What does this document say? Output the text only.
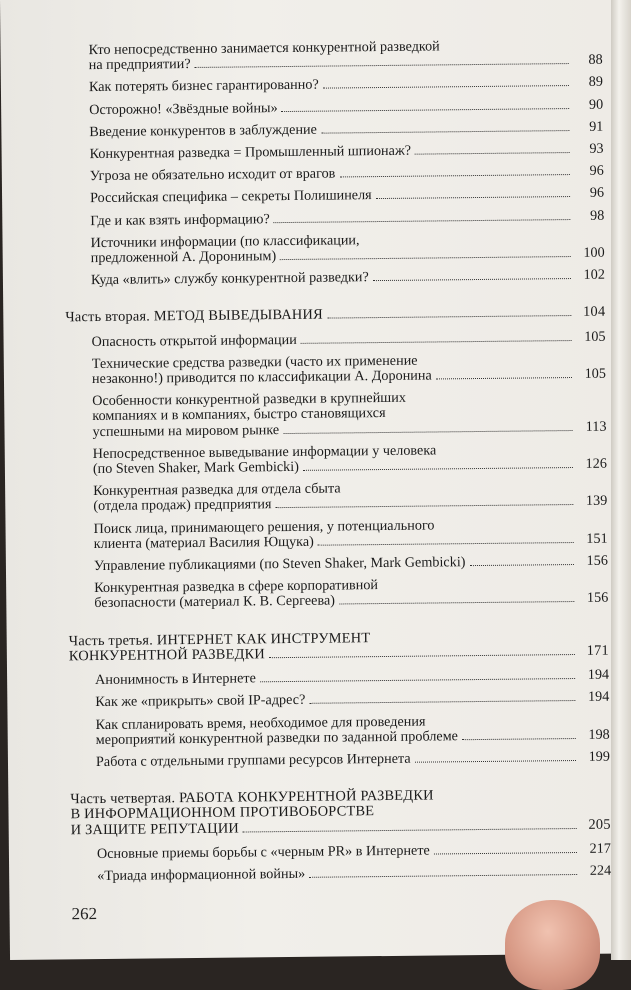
Кто непосредственно занимается конкурентной разведкой
на предприятии?	88
Как потерять бизнес гарантированно?	89
Осторожно! «Звёздные войны»	90
Введение конкурентов в заблуждение	91
Конкурентная разведка = Промышленный шпионаж?	93
Угроза не обязательно исходит от врагов	96
Российская специфика – секреты Полишинеля	96
Где и как взять информацию?	98
Источники информации (по классификации,
предложенной А. Дорониным)	100
Куда «влить» службу конкурентной разведки?	102
Часть вторая. МЕТОД ВЫВЕДЫВАНИЯ	104
Опасность открытой информации	105
Технические средства разведки (часто их применение
незаконно!) приводится по классификации А. Доронина	105
Особенности конкурентной разведки в крупнейших
компаниях и в компаниях, быстро становящихся
успешными на мировом рынке	113
Непосредственное выведывание информации у человека
(по Steven Shaker, Mark Gembicki)	126
Конкурентная разведка для отдела сбыта
(отдела продаж) предприятия	139
Поиск лица, принимающего решения, у потенциального
клиента (материал Василия Ющука)	151
Управление публикациями (по Steven Shaker, Mark Gembicki)	156
Конкурентная разведка в сфере корпоративной
безопасности (материал К. В. Сергеева)	156
Часть третья. ИНТЕРНЕТ КАК ИНСТРУМЕНТ
КОНКУРЕНТНОЙ РАЗВЕДКИ	171
Анонимность в Интернете	194
Как же «прикрыть» свой IP-адрес?	194
Как спланировать время, необходимое для проведения
мероприятий конкурентной разведки по заданной проблеме	198
Работа с отдельными группами ресурсов Интернета	199
Часть четвертая. РАБОТА КОНКУРЕНТНОЙ РАЗВЕДКИ
В ИНФОРМАЦИОННОМ ПРОТИВОБОРСТВЕ
И ЗАЩИТЕ РЕПУТАЦИИ	205
Основные приемы борьбы с «черным PR» в Интернете	217
«Триада информационной войны»	224
262
